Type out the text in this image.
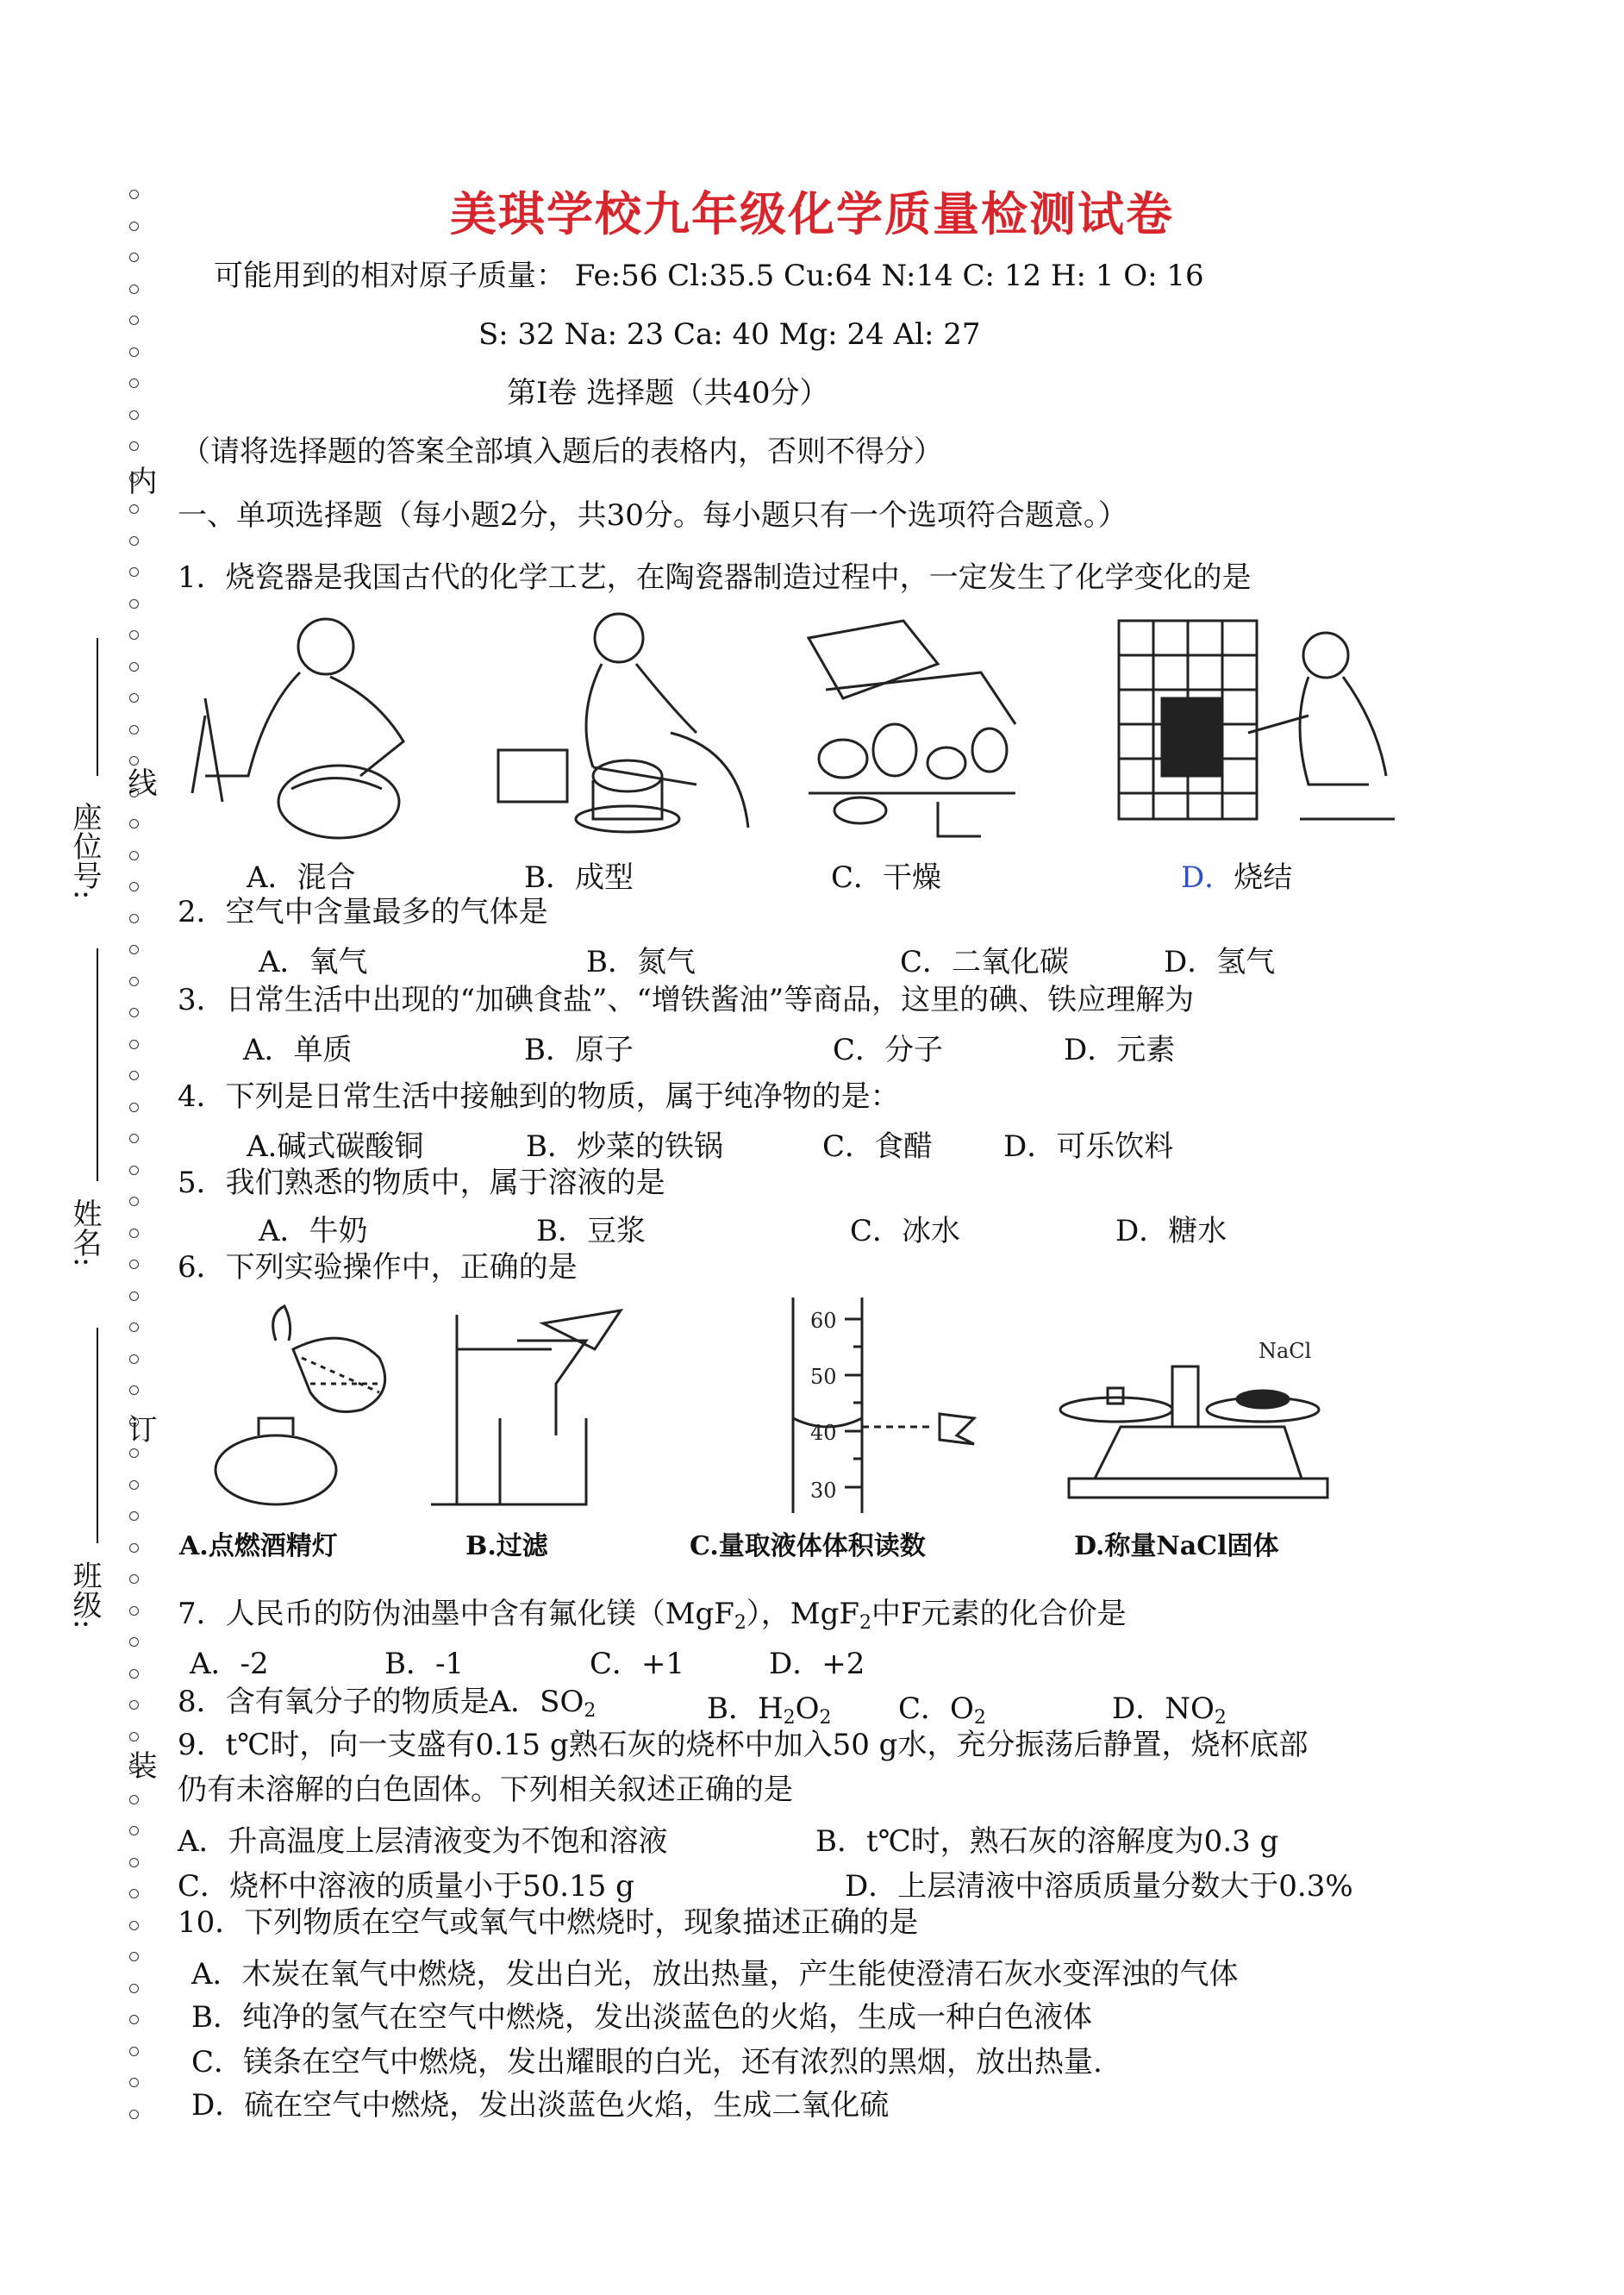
内
线
订
装
座位号:
姓名:
班级:
美琪学校九年级化学质量检测试卷
可能用到的相对原子质量： Fe:56 Cl:35.5 Cu:64 N:14 C: 12 H: 1 O: 16
S: 32 Na: 23 Ca: 40 Mg: 24 Al: 27
第Ⅰ卷 选择题（共40分）
（请将选择题的答案全部填入题后的表格内，否则不得分）
一、单项选择题（每小题2分，共30分。每小题只有一个选项符合题意。）
1．烧瓷器是我国古代的化学工艺，在陶瓷器制造过程中，一定发生了化学变化的是
A．混合	B．成型	C．干燥	D．烧结
2．空气中含量最多的气体是
A．氧气	B．氮气	C．二氧化碳	D．氢气
3．日常生活中出现的“加碘食盐”、“增铁酱油”等商品，这里的碘、铁应理解为
A．单质	B．原子	C．分子	D．元素
4．下列是日常生活中接触到的物质，属于纯净物的是：
A.碱式碳酸铜	B．炒菜的铁锅	C．食醋 D．可乐饮料
5．我们熟悉的物质中，属于溶液的是
A．牛奶	B．豆浆	C．冰水	D．糖水
6．下列实验操作中，正确的是
60
50
40
30
NaCl
A.点燃酒精灯	B.过滤	C.量取液体体积读数	D.称量NaCl固体
7．人民币的防伪油墨中含有氟化镁（MgF$_2$），MgF$_2$中F元素的化合价是
A．-2	B．-1	C．+1	D．+2
8．含有氧分子的物质是A．$SO_2$	B．$H_2O_2$ C．$O_2$	D．$NO_2$
9．t℃时，向一支盛有0.15 g熟石灰的烧杯中加入50 g水，充分振荡后静置，烧杯底部
仍有未溶解的白色固体。下列相关叙述正确的是
A．升高温度上层清液变为不饱和溶液	B．t℃时，熟石灰的溶解度为0.3 g
C．烧杯中溶液的质量小于50.15 g	D．上层清液中溶质质量分数大于0.3%
10．下列物质在空气或氧气中燃烧时，现象描述正确的是
A．木炭在氧气中燃烧，发出白光，放出热量，产生能使澄清石灰水变浑浊的气体
B．纯净的氢气在空气中燃烧，发出淡蓝色的火焰，生成一种白色液体
C．镁条在空气中燃烧，发出耀眼的白光，还有浓烈的黑烟，放出热量.
D．硫在空气中燃烧，发出淡蓝色火焰，生成二氧化硫
